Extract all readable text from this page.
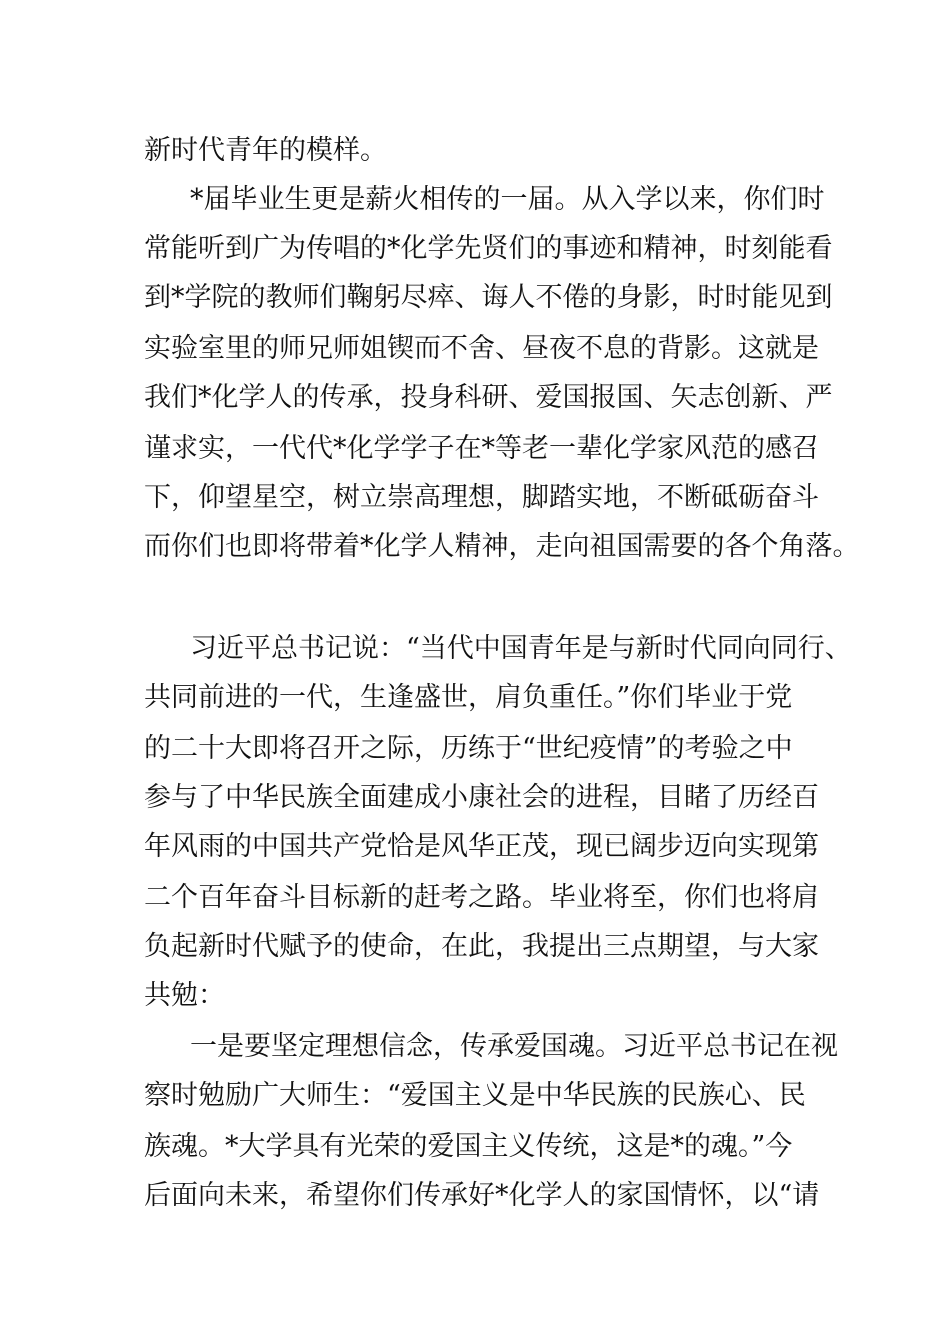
新时代青年的模样。
*届毕业生更是薪火相传的一届。从入学以来，你们时
常能听到广为传唱的*化学先贤们的事迹和精神，时刻能看
到*学院的教师们鞠躬尽瘁、诲人不倦的身影，时时能见到
实验室里的师兄师姐锲而不舍、昼夜不息的背影。这就是
我们*化学人的传承，投身科研、爱国报国、矢志创新、严
谨求实，一代代*化学学子在*等老一辈化学家风范的感召
下，仰望星空，树立崇高理想，脚踏实地，不断砥砺奋斗
而你们也即将带着*化学人精神，走向祖国需要的各个角落。
习近平总书记说：“当代中国青年是与新时代同向同行、
共同前进的一代，生逢盛世，肩负重任。”你们毕业于党
的二十大即将召开之际，历练于“世纪疫情”的考验之中
参与了中华民族全面建成小康社会的进程，目睹了历经百
年风雨的中国共产党恰是风华正茂，现已阔步迈向实现第
二个百年奋斗目标新的赶考之路。毕业将至，你们也将肩
负起新时代赋予的使命，在此，我提出三点期望，与大家
共勉：
一是要坚定理想信念，传承爱国魂。习近平总书记在视
察时勉励广大师生：“爱国主义是中华民族的民族心、民
族魂。*大学具有光荣的爱国主义传统，这是*的魂。”今
后面向未来，希望你们传承好*化学人的家国情怀，以“请
